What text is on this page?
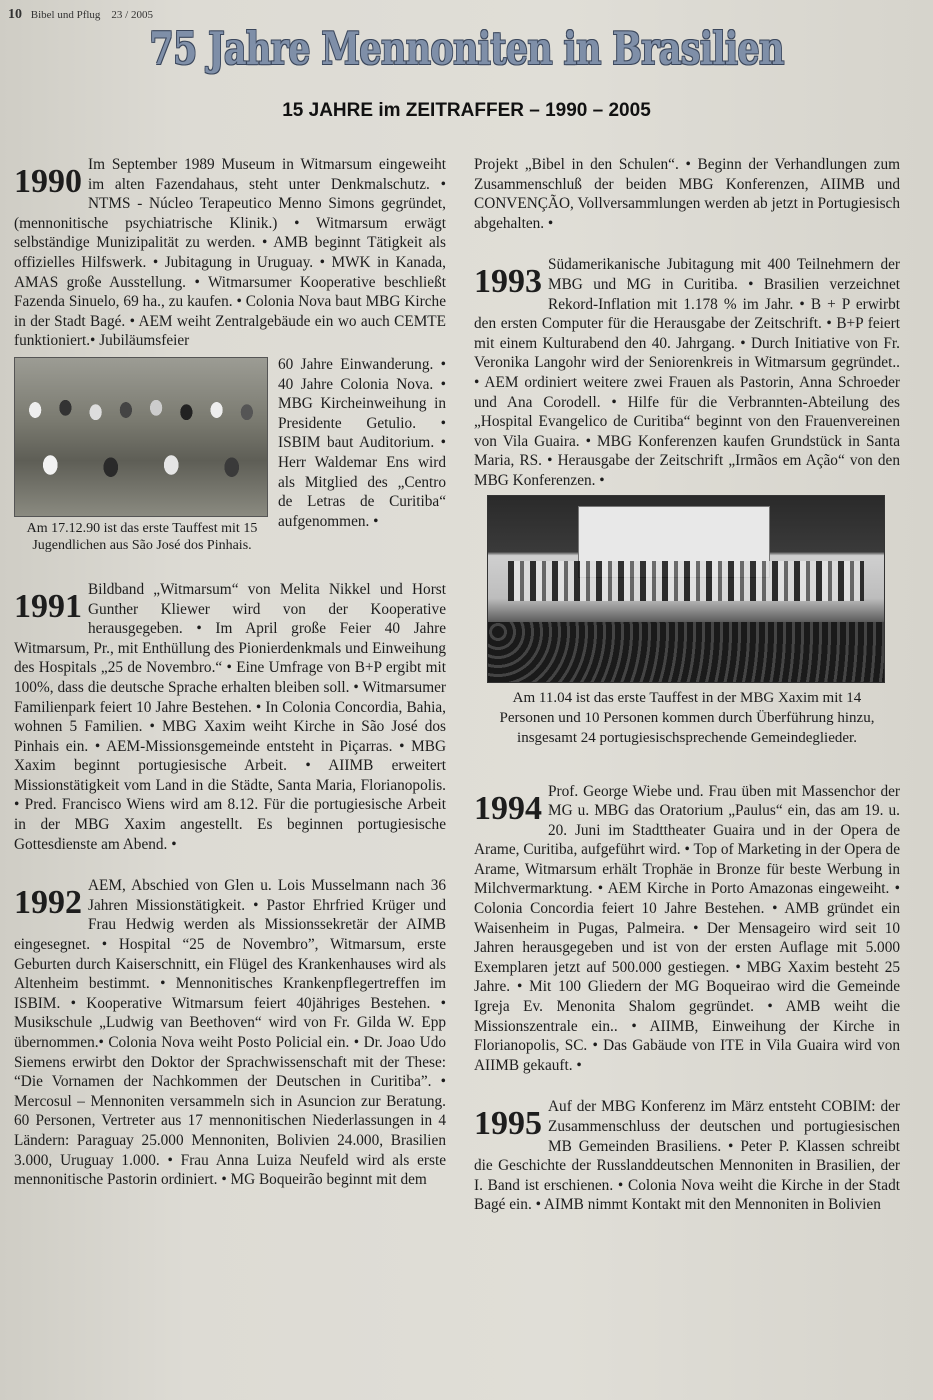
10 Bibel und Pflug 23 / 2005
75 Jahre Mennoniten in Brasilien
15 JAHRE im ZEITRAFFER – 1990 – 2005
1990 Im September 1989 Museum in Witmarsum eingeweiht im alten Fazendahaus, steht unter Denkmalschutz. • NTMS - Núcleo Terapeutico Menno Simons gegründet, (mennonitische psychiatrische Klinik.) • Witmarsum erwägt selbständige Munizipalität zu werden. • AMB beginnt Tätigkeit als offizielles Hilfswerk. • Jubitagung in Uruguay. • MWK in Kanada, AMAS große Ausstellung. • Witmarsumer Kooperative beschließt Fazenda Sinuelo, 69 ha., zu kaufen. • Colonia Nova baut MBG Kirche in der Stadt Bagé. • AEM weiht Zentralgebäude ein wo auch CEMTE funktioniert.• Jubiläumsfeier
Am 17.12.90 ist das erste Tauffest mit 15 Jugendlichen aus São José dos Pinhais.
60 Jahre Einwanderung. • 40 Jahre Colonia Nova. • MBG Kircheinweihung in Presidente Getulio. • ISBIM baut Auditorium. • Herr Waldemar Ens wird als Mitglied des „Centro de Letras de Curitiba“ aufgenommen. •
1991 Bildband „Witmarsum“ von Melita Nikkel und Horst Gunther Kliewer wird von der Kooperative herausgegeben. • Im April große Feier 40 Jahre Witmarsum, Pr., mit Enthüllung des Pionierdenkmals und Einweihung des Hospitals „25 de Novembro.“ • Eine Umfrage von B+P ergibt mit 100%, dass die deutsche Sprache erhalten bleiben soll. • Witmarsumer Familienpark feiert 10 Jahre Bestehen. • In Colonia Concordia, Bahia, wohnen 5 Familien. • MBG Xaxim weiht Kirche in São José dos Pinhais ein. • AEM-Missionsgemeinde entsteht in Piçarras. • MBG Xaxim beginnt portugiesische Arbeit. • AIIMB erweitert Missionstätigkeit vom Land in die Städte, Santa Maria, Florianopolis. • Pred. Francisco Wiens wird am 8.12. Für die portugiesische Arbeit in der MBG Xaxim angestellt. Es beginnen portugiesische Gottesdienste am Abend. •
1992 AEM, Abschied von Glen u. Lois Musselmann nach 36 Jahren Missionstätigkeit. • Pastor Ehrfried Krüger und Frau Hedwig werden als Missionssekretär der AIMB eingesegnet. • Hospital “25 de Novembro”, Witmarsum, erste Geburten durch Kaiserschnitt, ein Flügel des Krankenhauses wird als Altenheim bestimmt. • Mennonitisches Krankenpflegertreffen im ISBIM. • Kooperative Witmarsum feiert 40jähriges Bestehen. • Musikschule „Ludwig van Beethoven“ wird von Fr. Gilda W. Epp übernommen.• Colonia Nova weiht Posto Policial ein. • Dr. Joao Udo Siemens erwirbt den Doktor der Sprachwissenschaft mit der These: “Die Vornamen der Nachkommen der Deutschen in Curitiba”. • Mercosul – Mennoniten versammeln sich in Asuncion zur Beratung. 60 Personen, Vertreter aus 17 mennonitischen Niederlassungen in 4 Ländern: Paraguay 25.000 Mennoniten, Bolivien 24.000, Brasilien 3.000, Uruguay 1.000. • Frau Anna Luiza Neufeld wird als erste mennonitische Pastorin ordiniert. • MG Boqueirão beginnt mit dem
Projekt „Bibel in den Schulen“. • Beginn der Verhandlungen zum Zusammenschluß der beiden MBG Konferenzen, AIIMB und CONVENÇÃO, Vollversammlungen werden ab jetzt in Portugiesisch abgehalten. •
1993 Südamerikanische Jubitagung mit 400 Teilnehmern der MBG und MG in Curitiba. • Brasilien verzeichnet Rekord-Inflation mit 1.178 % im Jahr. • B + P erwirbt den ersten Computer für die Herausgabe der Zeitschrift. • B+P feiert mit einem Kulturabend den 40. Jahrgang. • Durch Initiative von Fr. Veronika Langohr wird der Seniorenkreis in Witmarsum gegründet.. • AEM ordiniert weitere zwei Frauen als Pastorin, Anna Schroeder und Ana Corodell. • Hilfe für die Verbrannten-Abteilung des „Hospital Evangelico de Curitiba“ beginnt von den Frauenvereinen von Vila Guaira. • MBG Konferenzen kaufen Grundstück in Santa Maria, RS. • Herausgabe der Zeitschrift „Irmãos em Ação“ von den MBG Konferenzen. •
Am 11.04 ist das erste Tauffest in der MBG Xaxim mit 14 Personen und 10 Personen kommen durch Überführung hinzu, insgesamt 24 portugiesischsprechende Gemeindeglieder.
1994 Prof. George Wiebe und. Frau üben mit Massenchor der MG u. MBG das Oratorium „Paulus“ ein, das am 19. u. 20. Juni im Stadttheater Guaira und in der Opera de Arame, Curitiba, aufgeführt wird. • Top of Marketing in der Opera de Arame, Witmarsum erhält Trophäe in Bronze für beste Werbung in Milchvermarktung. • AEM Kirche in Porto Amazonas eingeweiht. • Colonia Concordia feiert 10 Jahre Bestehen. • AMB gründet ein Waisenheim in Pugas, Palmeira. • Der Mensageiro wird seit 10 Jahren herausgegeben und ist von der ersten Auflage mit 5.000 Exemplaren jetzt auf 500.000 gestiegen. • MBG Xaxim besteht 25 Jahre. • Mit 100 Gliedern der MG Boqueirao wird die Gemeinde Igreja Ev. Menonita Shalom gegründet. • AMB weiht die Missionszentrale ein.. • AIIMB, Einweihung der Kirche in Florianopolis, SC. • Das Gabäude von ITE in Vila Guaira wird von AIIMB gekauft. •
1995 Auf der MBG Konferenz im März entsteht COBIM: der Zusammenschluss der deutschen und portugiesischen MB Gemeinden Brasiliens. • Peter P. Klassen schreibt die Geschichte der Russlanddeutschen Mennoniten in Brasilien, der I. Band ist erschienen. • Colonia Nova weiht die Kirche in der Stadt Bagé ein. • AIMB nimmt Kontakt mit den Mennoniten in Bolivien
